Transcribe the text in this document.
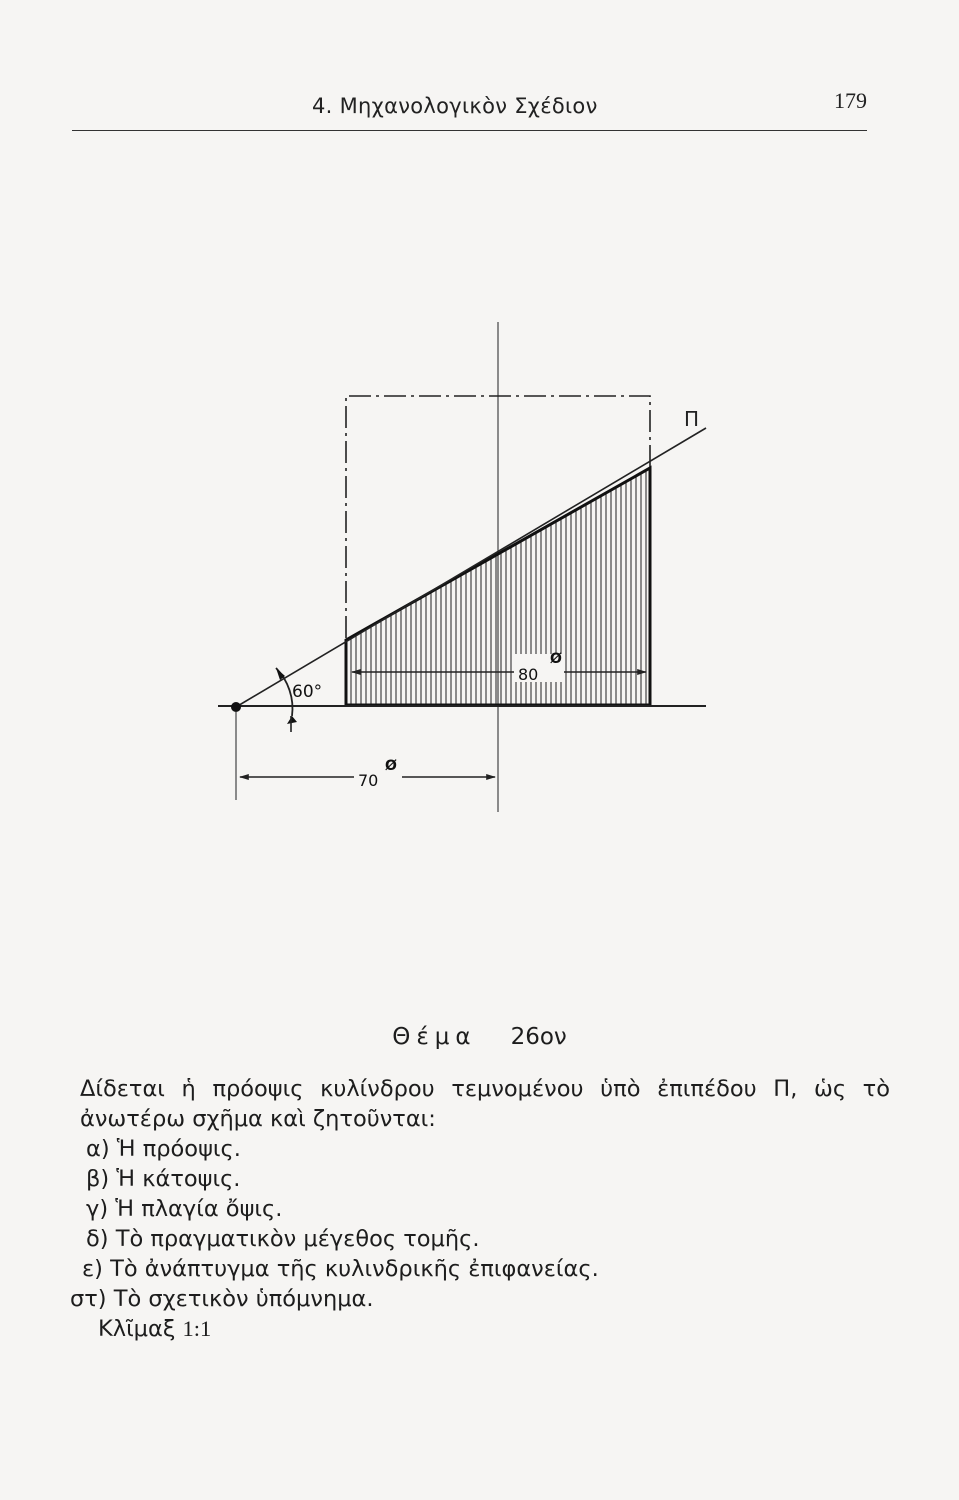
4. Μηχανολογικὸν Σχέδιον	179
Π
60°
80
Ø
70
Ø
Θέμα 26ον

Δίδεται ἡ πρόοψις κυλίνδρου τεμνομένου ὑπὸ ἐπιπέδου Π, ὡς τὸ ἀνωτέρω σχῆμα καὶ ζητοῦνται:

α) Ἡ πρόοψις.
β) Ἡ κάτοψις.
γ) Ἡ πλαγία ὄψις.
δ) Τὸ πραγματικὸν μέγεθος τομῆς.
ε) Τὸ ἀνάπτυγμα τῆς κυλινδρικῆς ἐπιφανείας.
στ) Τὸ σχετικὸν ὑπόμνημα.
Κλῖμαξ 1:1
